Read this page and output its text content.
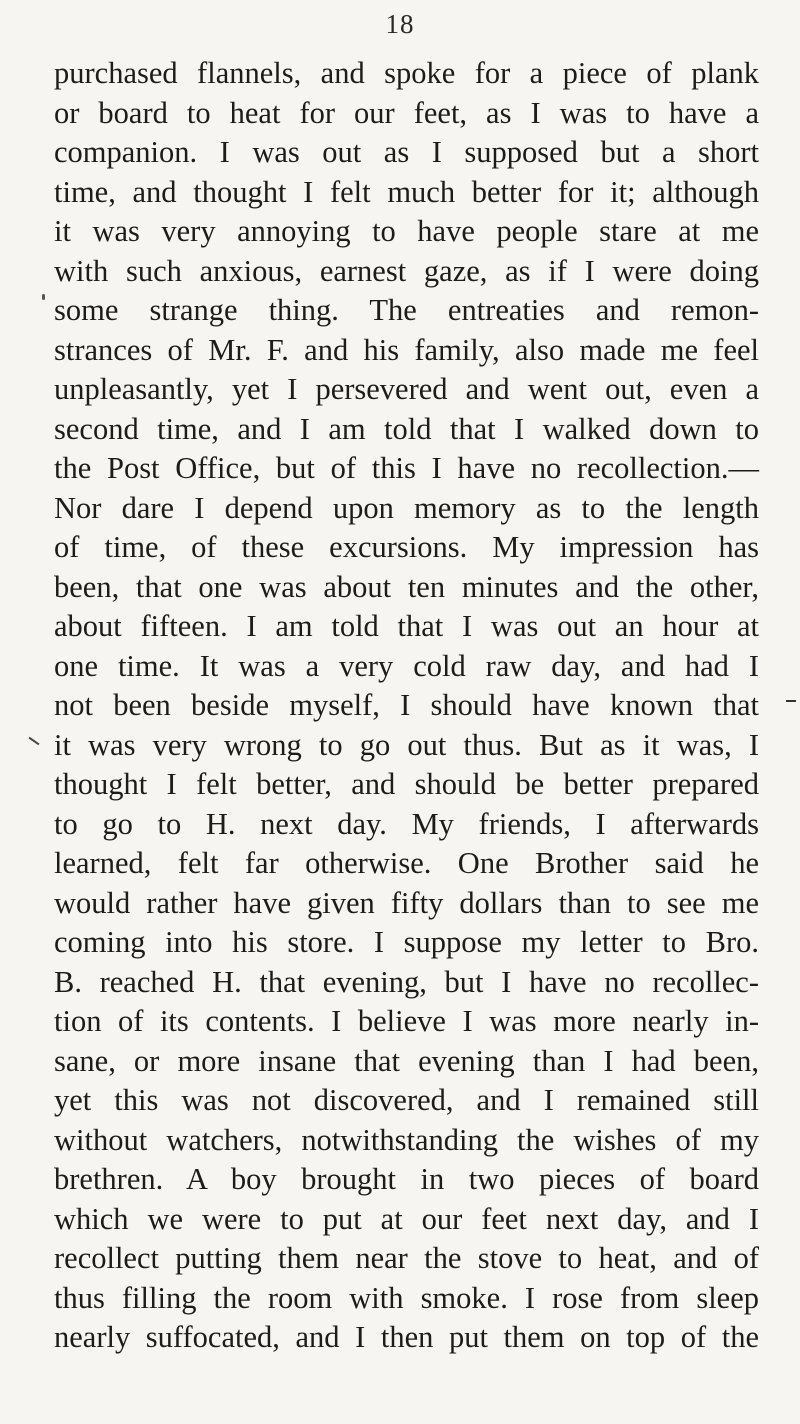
18
purchased flannels, and spoke for a piece of plank
or board to heat for our feet, as I was to have a
companion. I was out as I supposed but a short
time, and thought I felt much better for it; although
it was very annoying to have people stare at me
with such anxious, earnest gaze, as if I were doing
some strange thing. The entreaties and remon-
strances of Mr. F. and his family, also made me feel
unpleasantly, yet I persevered and went out, even a
second time, and I am told that I walked down to
the Post Office, but of this I have no recollection.—
Nor dare I depend upon memory as to the length
of time, of these excursions. My impression has
been, that one was about ten minutes and the other,
about fifteen. I am told that I was out an hour at
one time. It was a very cold raw day, and had I
not been beside myself, I should have known that
it was very wrong to go out thus. But as it was, I
thought I felt better, and should be better prepared
to go to H. next day. My friends, I afterwards
learned, felt far otherwise. One Brother said he
would rather have given fifty dollars than to see me
coming into his store. I suppose my letter to Bro.
B. reached H. that evening, but I have no recollec-
tion of its contents. I believe I was more nearly in-
sane, or more insane that evening than I had been,
yet this was not discovered, and I remained still
without watchers, notwithstanding the wishes of my
brethren. A boy brought in two pieces of board
which we were to put at our feet next day, and I
recollect putting them near the stove to heat, and of
thus filling the room with smoke. I rose from sleep
nearly suffocated, and I then put them on top of the
